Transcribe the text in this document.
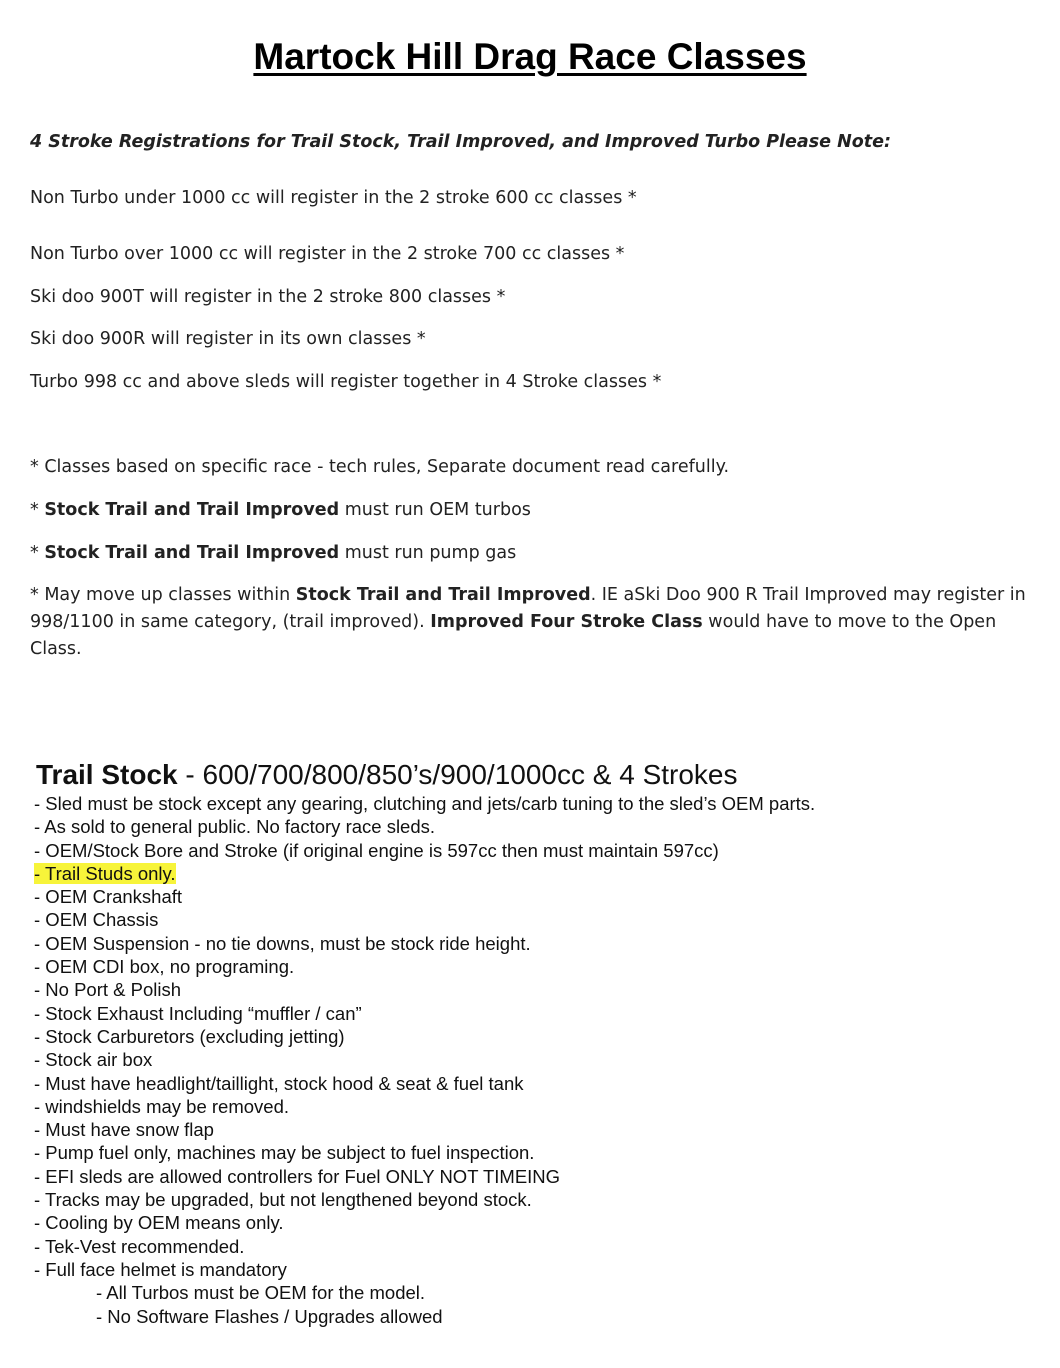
Martock Hill Drag Race Classes

4 Stroke Registrations for Trail Stock, Trail Improved, and Improved Turbo Please Note:

Non Turbo under 1000 cc will register in the 2 stroke 600 cc classes *

Non Turbo over 1000 cc will register in the 2 stroke 700 cc classes *

Ski doo 900T will register in the 2 stroke 800 classes *

Ski doo 900R will register in its own classes *

Turbo 998 cc and above sleds will register together in 4 Stroke classes *

* Classes based on specific race - tech rules, Separate document read carefully.

* Stock Trail and Trail Improved must run OEM turbos

* Stock Trail and Trail Improved must run pump gas

* May move up classes within Stock Trail and Trail Improved. IE aSki Doo 900 R Trail Improved may register in 998/1100 in same category, (trail improved). Improved Four Stroke Class would have to move to the Open Class.

Trail Stock - 600/700/800/850’s/900/1000cc & 4 Strokes

- Sled must be stock except any gearing, clutching and jets/carb tuning to the sled’s OEM parts.
- As sold to general public. No factory race sleds.
- OEM/Stock Bore and Stroke (if original engine is 597cc then must maintain 597cc)
- Trail Studs only.
- OEM Crankshaft
- OEM Chassis
- OEM Suspension - no tie downs, must be stock ride height.
- OEM CDI box, no programing.
- No Port & Polish
- Stock Exhaust Including “muffler / can”
- Stock Carburetors (excluding jetting)
- Stock air box
- Must have headlight/taillight, stock hood & seat & fuel tank
- windshields may be removed.
- Must have snow flap
- Pump fuel only, machines may be subject to fuel inspection.
- EFI sleds are allowed controllers for Fuel ONLY NOT TIMEING
- Tracks may be upgraded, but not lengthened beyond stock.
- Cooling by OEM means only.
- Tek-Vest recommended.
- Full face helmet is mandatory
- All Turbos must be OEM for the model.
- No Software Flashes / Upgrades allowed
